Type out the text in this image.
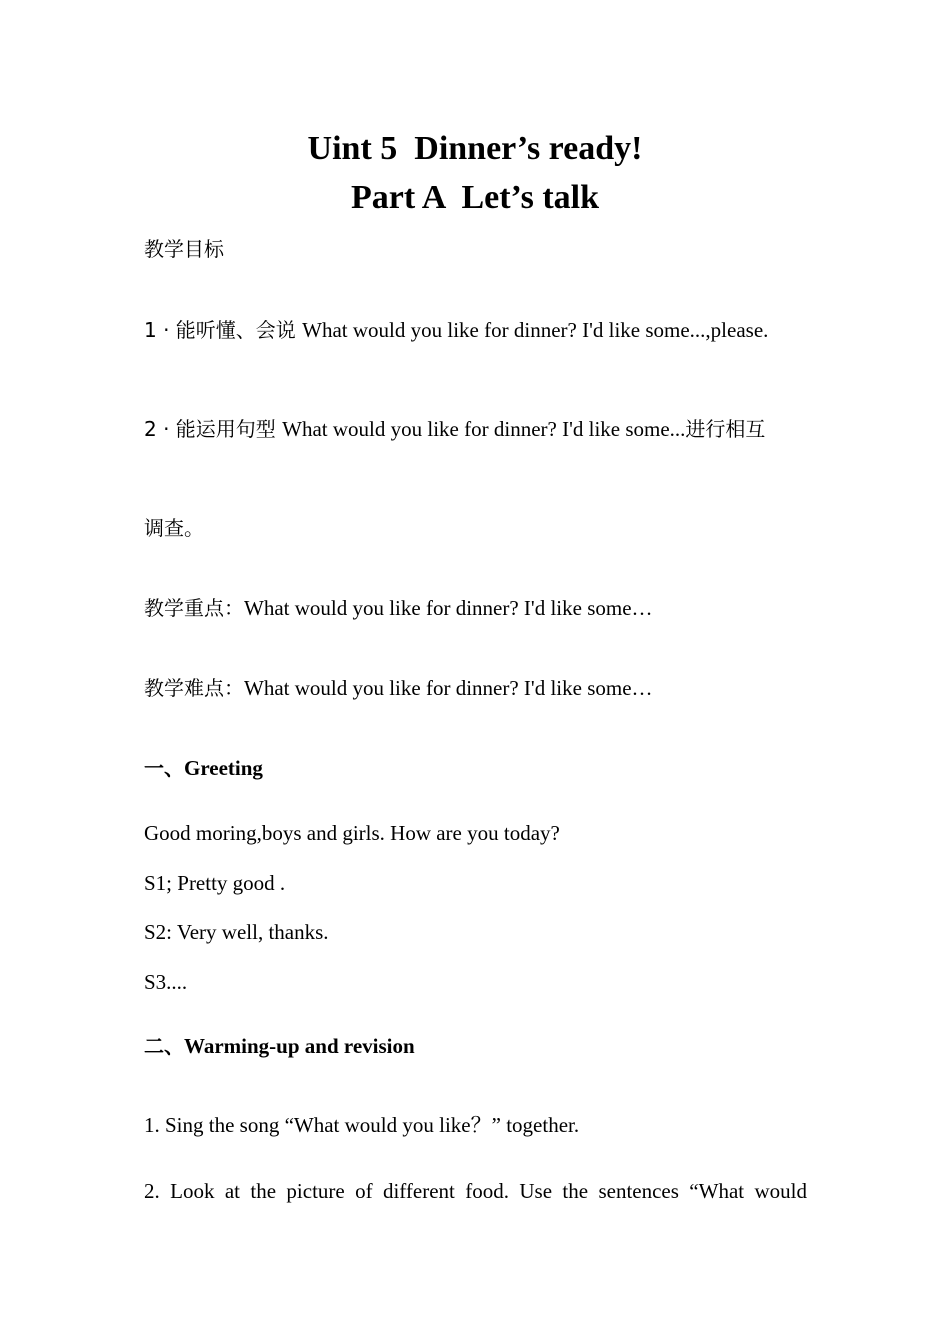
Uint 5  Dinner’s ready!
Part A  Let’s talk

教学目标

1 · 能听懂、会说 What would you like for dinner? I'd like some...,please.

2 · 能运用句型 What would you like for dinner? I'd like some...进行相互

调查。

教学重点：What would you like for dinner? I'd like some…

教学难点：What would you like for dinner? I'd like some…

一、Greeting

Good moring,boys and girls. How are you today?

S1; Pretty good .

S2: Very well, thanks.

S3....

二、Warming-up and revision

1. Sing the song “What would you like？” together.

2. Look at the picture of different food. Use the sentences “What would
